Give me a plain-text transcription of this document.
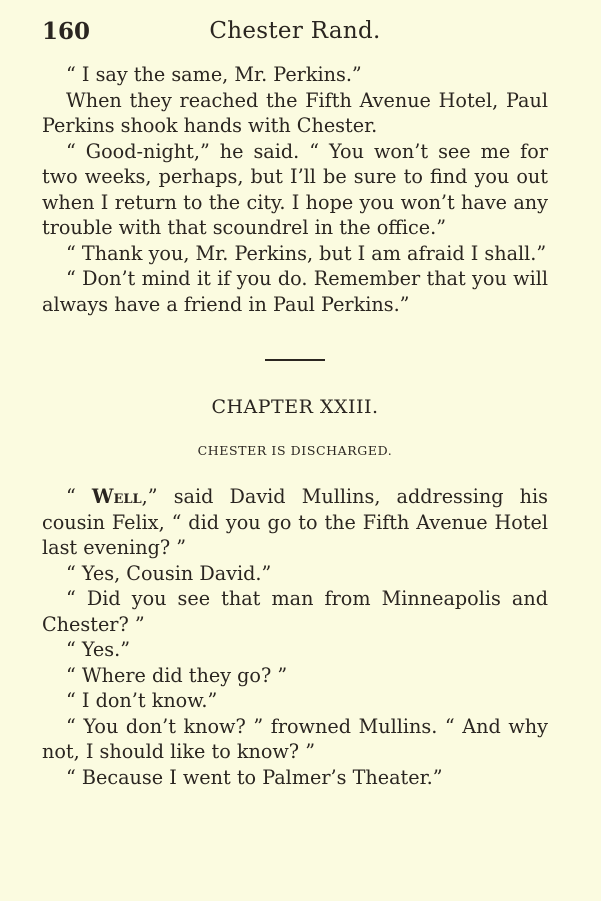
160	Chester Rand.

“ I say the same, Mr. Perkins.”

When they reached the Fifth Avenue Hotel, Paul Perkins shook hands with Chester.

“ Good-night,” he said. “ You won’t see me for two weeks, perhaps, but I’ll be sure to find you out when I return to the city. I hope you won’t have any trouble with that scoundrel in the office.”

“ Thank you, Mr. Perkins, but I am afraid I shall.”

“ Don’t mind it if you do. Remember that you will always have a friend in Paul Perkins.”

CHAPTER XXIII.
CHESTER IS DISCHARGED.

“ Well,” said David Mullins, addressing his cousin Felix, “ did you go to the Fifth Avenue Hotel last evening? ”

“ Yes, Cousin David.”

“ Did you see that man from Minneapolis and Chester? ”

“ Yes.”

“ Where did they go? ”

“ I don’t know.”

“ You don’t know? ” frowned Mullins. “ And why not, I should like to know? ”

“ Because I went to Palmer’s Theater.”
